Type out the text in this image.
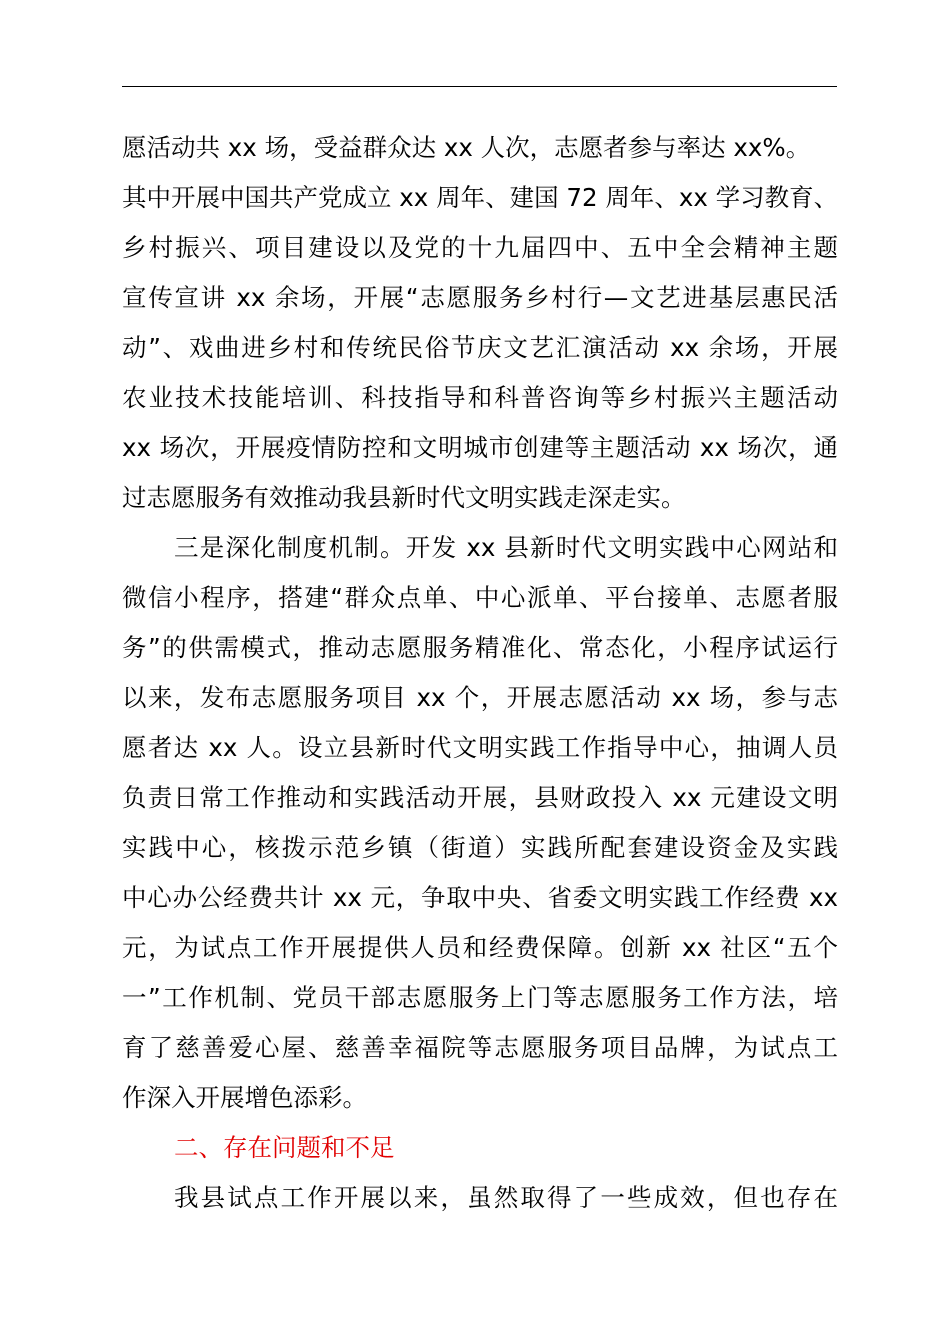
愿活动共 xx 场，受益群众达 xx 人次，志愿者参与率达 xx%。
其中开展中国共产党成立 xx 周年、建国 72 周年、xx 学习教育、
乡村振兴、项目建设以及党的十九届四中、五中全会精神主题
宣传宣讲 xx 余场，开展“志愿服务乡村行—文艺进基层惠民活
动”、戏曲进乡村和传统民俗节庆文艺汇演活动 xx 余场，开展
农业技术技能培训、科技指导和科普咨询等乡村振兴主题活动
xx 场次，开展疫情防控和文明城市创建等主题活动 xx 场次，通
过志愿服务有效推动我县新时代文明实践走深走实。
三是深化制度机制。开发 xx 县新时代文明实践中心网站和
微信小程序，搭建“群众点单、中心派单、平台接单、志愿者服
务”的供需模式，推动志愿服务精准化、常态化，小程序试运行
以来，发布志愿服务项目 xx 个，开展志愿活动 xx 场，参与志
愿者达 xx 人。设立县新时代文明实践工作指导中心，抽调人员
负责日常工作推动和实践活动开展，县财政投入 xx 元建设文明
实践中心，核拨示范乡镇（街道）实践所配套建设资金及实践
中心办公经费共计 xx 元，争取中央、省委文明实践工作经费 xx
元，为试点工作开展提供人员和经费保障。创新 xx 社区“五个
一”工作机制、党员干部志愿服务上门等志愿服务工作方法，培
育了慈善爱心屋、慈善幸福院等志愿服务项目品牌，为试点工
作深入开展增色添彩。
二、存在问题和不足
我县试点工作开展以来，虽然取得了一些成效，但也存在
